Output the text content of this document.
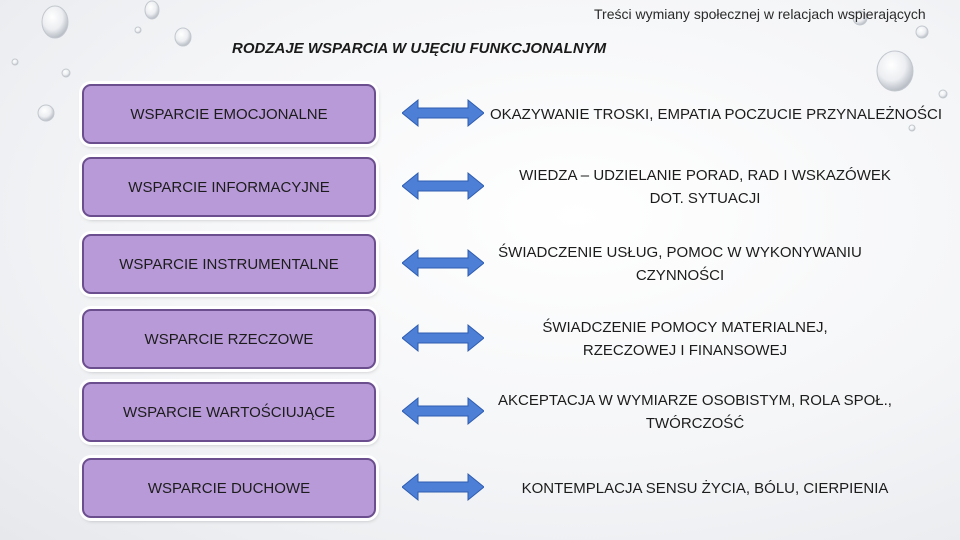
Treści wymiany społecznej w relacjach wspierających
RODZAJE WSPARCIA W UJĘCIU FUNKCJONALNYM
WSPARCIE EMOCJONALNE	OKAZYWANIE TROSKI, EMPATIA POCZUCIE PRZYNALEŻNOŚCI
WSPARCIE INFORMACYJNE
WIEDZA – UDZIELANIE PORAD, RAD I WSKAZÓWEK
DOT. SYTUACJI
WSPARCIE INSTRUMENTALNE
ŚWIADCZENIE USŁUG, POMOC W WYKONYWANIU
CZYNNOŚCI
WSPARCIE RZECZOWE
ŚWIADCZENIE POMOCY MATERIALNEJ,
RZECZOWEJ I FINANSOWEJ
WSPARCIE WARTOŚCIUJĄCE
AKCEPTACJA W WYMIARZE OSOBISTYM, ROLA SPOŁ.,
TWÓRCZOŚĆ
WSPARCIE DUCHOWE	KONTEMPLACJA SENSU ŻYCIA, BÓLU, CIERPIENIA
